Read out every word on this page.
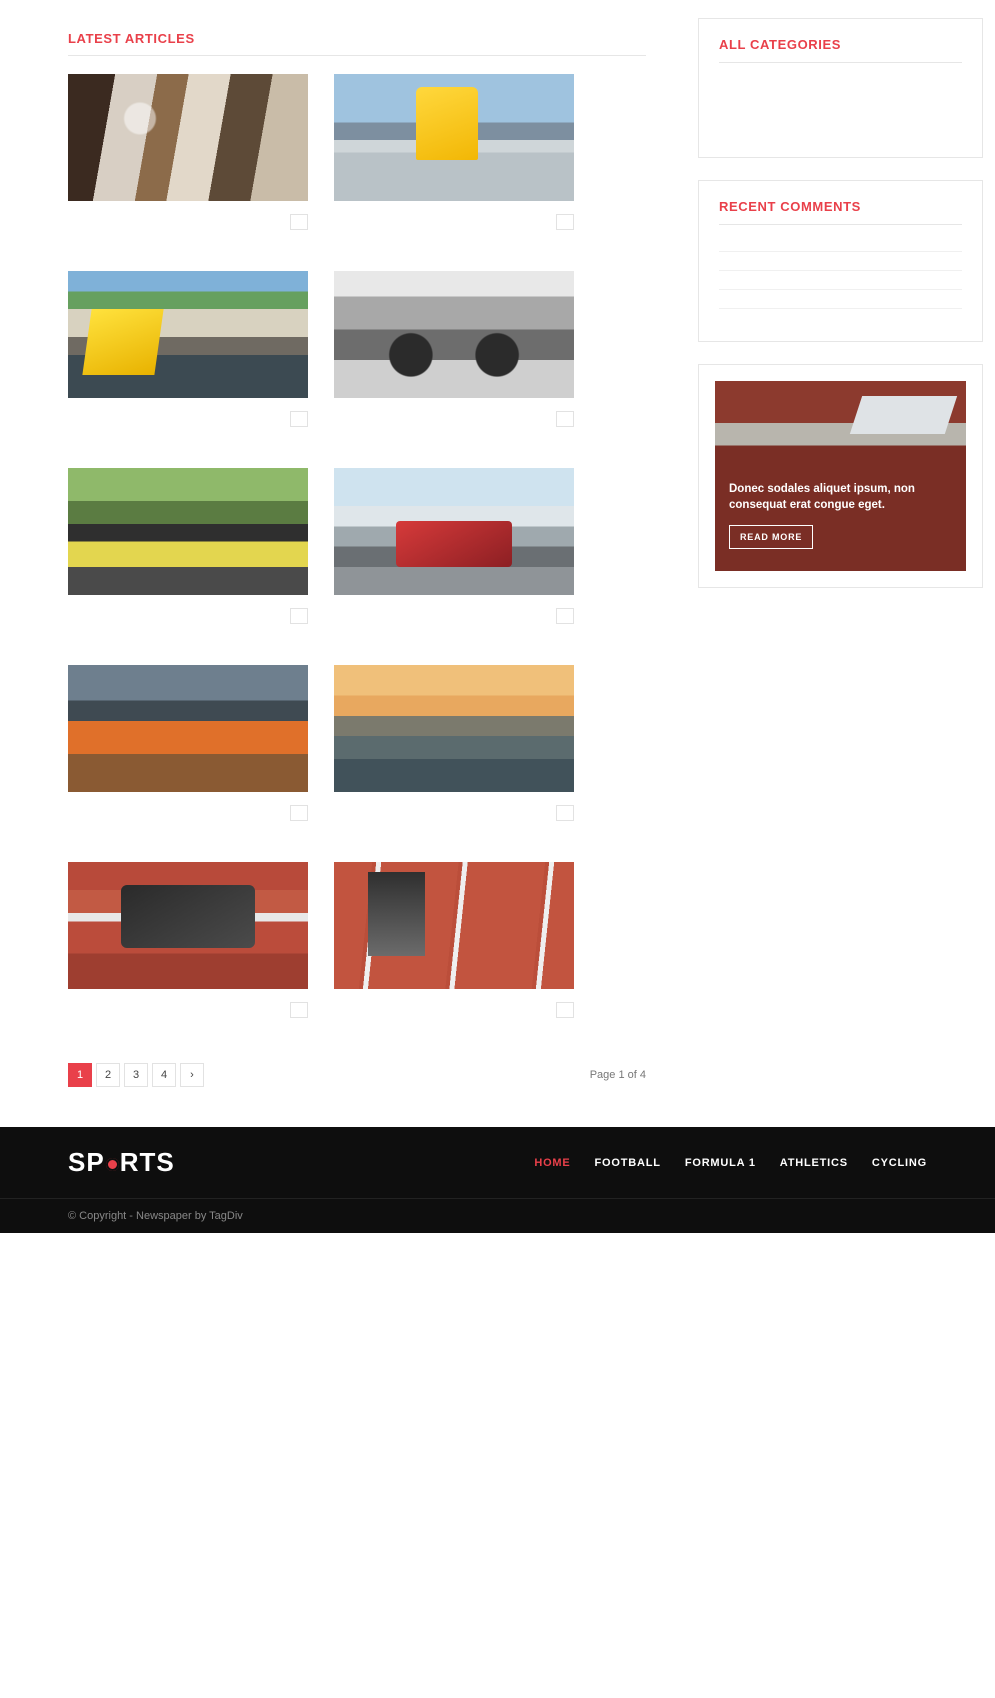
LATEST ARTICLES
1	2	3	4	›	Page 1 of 4
ALL CATEGORIES
RECENT COMMENTS
Donec sodales aliquet ipsum, non consequat erat congue eget.
READ MORE
SP RTS	HOME FOOTBALL FORMULA 1 ATHLETICS CYCLING
© Copyright - Newspaper by TagDiv
